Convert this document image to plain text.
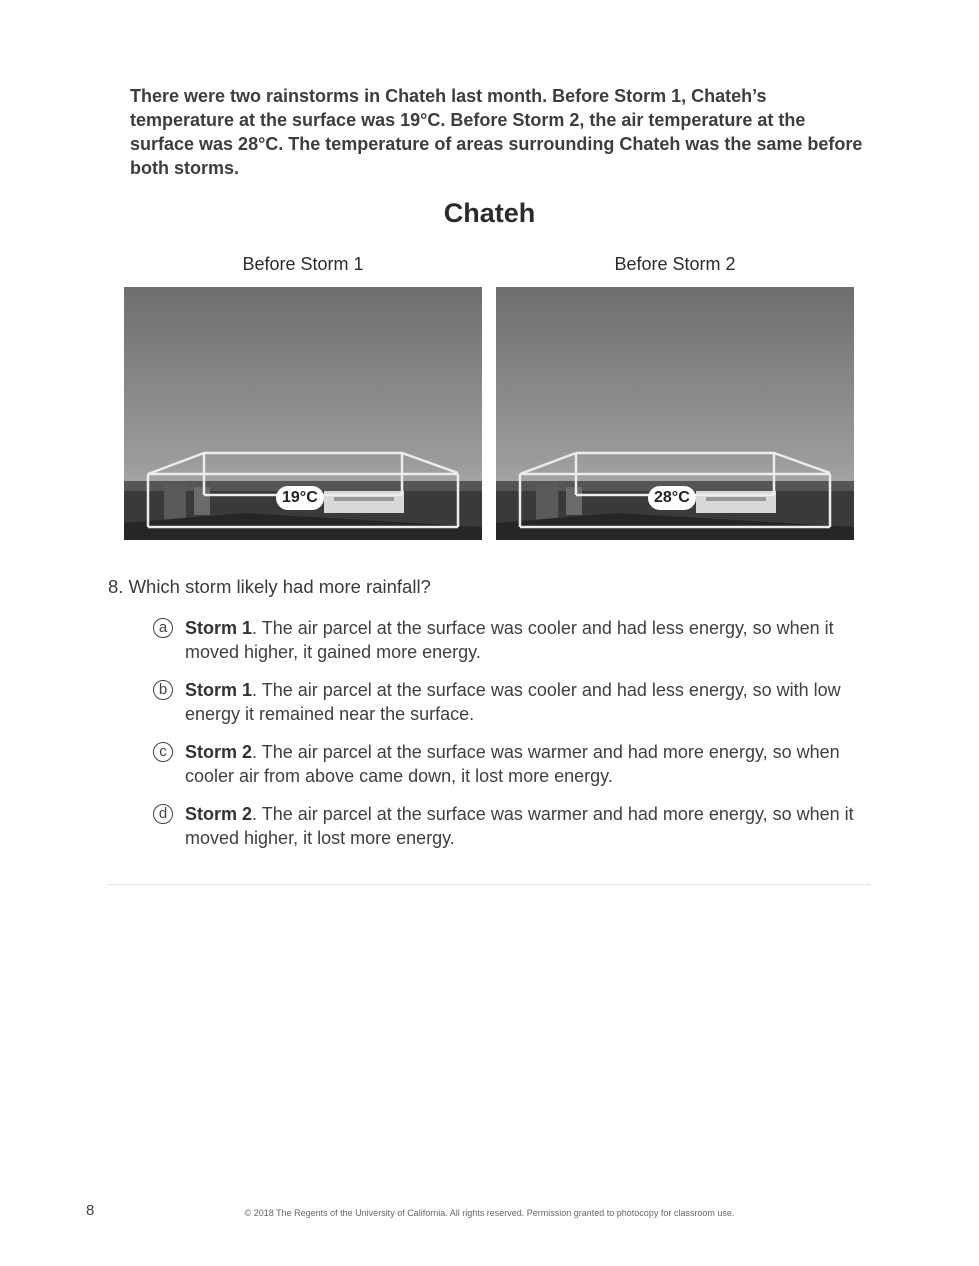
There were two rainstorms in Chateh last month. Before Storm 1, Chateh’s temperature at the surface was 19°C. Before Storm 2, the air temperature at the surface was 28°C. The temperature of areas surrounding Chateh was the same before both storms.

Chateh
Before Storm 1	Before Storm 2
19°C	28°C
8. Which storm likely had more rainfall?
a Storm 1. The air parcel at the surface was cooler and had less energy, so when it moved higher, it gained more energy.
b Storm 1. The air parcel at the surface was cooler and had less energy, so with low energy it remained near the surface.
c	Storm 2. The air parcel at the surface was warmer and had more energy, so when cooler air from above came down, it lost more energy.
d Storm 2. The air parcel at the surface was warmer and had more energy, so when it moved higher, it lost more energy.
8	© 2018 The Regents of the University of California. All rights reserved. Permission granted to photocopy for classroom use.
